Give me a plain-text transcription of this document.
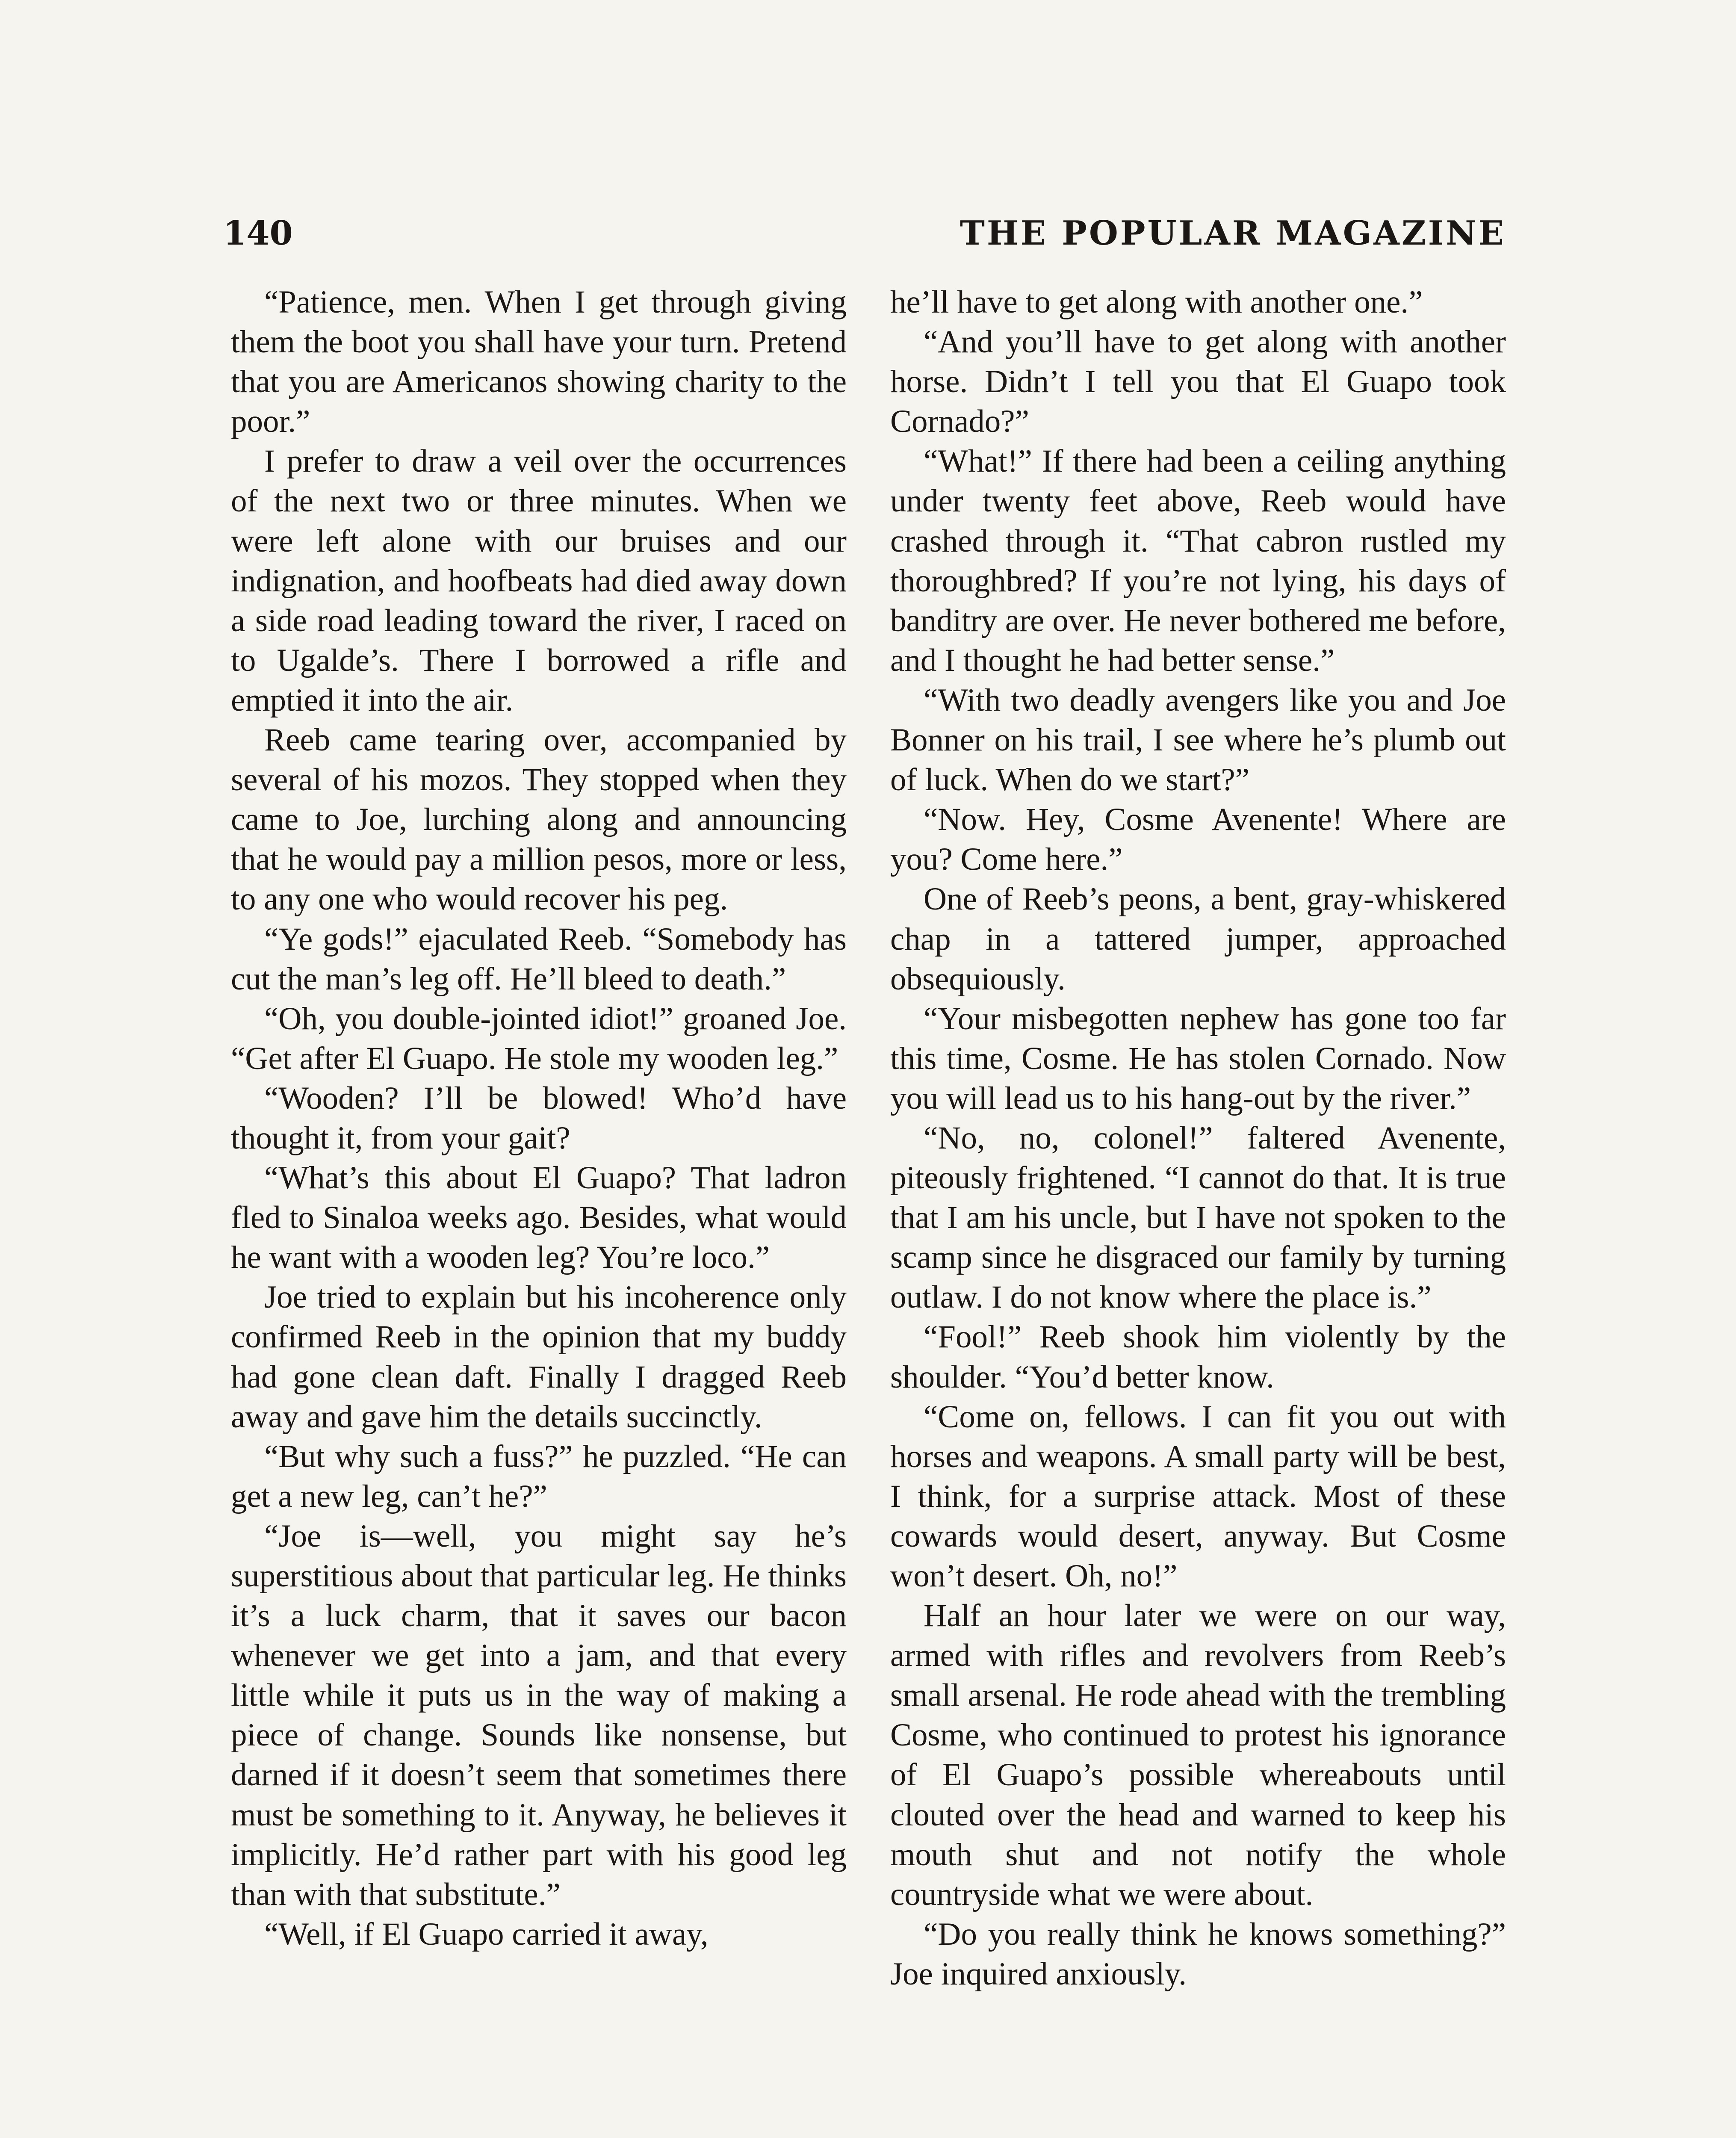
140	THE POPULAR MAGAZINE

“Patience, men. When I get through giving them the boot you shall have your turn. Pretend that you are Americanos showing charity to the poor.”

I prefer to draw a veil over the occurrences of the next two or three minutes. When we were left alone with our bruises and our indignation, and hoofbeats had died away down a side road leading toward the river, I raced on to Ugalde’s. There I borrowed a rifle and emptied it into the air.

Reeb came tearing over, accompanied by several of his mozos. They stopped when they came to Joe, lurching along and announcing that he would pay a million pesos, more or less, to any one who would recover his peg.

“Ye gods!” ejaculated Reeb. “Somebody has cut the man’s leg off. He’ll bleed to death.”

“Oh, you double-jointed idiot!” groaned Joe. “Get after El Guapo. He stole my wooden leg.”

“Wooden? I’ll be blowed! Who’d have thought it, from your gait?

“What’s this about El Guapo? That ladron fled to Sinaloa weeks ago. Besides, what would he want with a wooden leg? You’re loco.”

Joe tried to explain but his incoherence only confirmed Reeb in the opinion that my buddy had gone clean daft. Finally I dragged Reeb away and gave him the details succinctly.

“But why such a fuss?” he puzzled. “He can get a new leg, can’t he?”

“Joe is—well, you might say he’s superstitious about that particular leg. He thinks it’s a luck charm, that it saves our bacon whenever we get into a jam, and that every little while it puts us in the way of making a piece of change. Sounds like nonsense, but darned if it doesn’t seem that sometimes there must be something to it. Anyway, he believes it implicitly. He’d rather part with his good leg than with that substitute.”

“Well, if El Guapo carried it away,

he’ll have to get along with another one.”

“And you’ll have to get along with another horse. Didn’t I tell you that El Guapo took Cornado?”

“What!” If there had been a ceiling anything under twenty feet above, Reeb would have crashed through it. “That cabron rustled my thoroughbred? If you’re not lying, his days of banditry are over. He never bothered me before, and I thought he had better sense.”

“With two deadly avengers like you and Joe Bonner on his trail, I see where he’s plumb out of luck. When do we start?”

“Now. Hey, Cosme Avenente! Where are you? Come here.”

One of Reeb’s peons, a bent, gray-whiskered chap in a tattered jumper, approached obsequiously.

“Your misbegotten nephew has gone too far this time, Cosme. He has stolen Cornado. Now you will lead us to his hang-out by the river.”

“No, no, colonel!” faltered Avenente, piteously frightened. “I cannot do that. It is true that I am his uncle, but I have not spoken to the scamp since he disgraced our family by turning outlaw. I do not know where the place is.”

“Fool!” Reeb shook him violently by the shoulder. “You’d better know.

“Come on, fellows. I can fit you out with horses and weapons. A small party will be best, I think, for a surprise attack. Most of these cowards would desert, anyway. But Cosme won’t desert. Oh, no!”

Half an hour later we were on our way, armed with rifles and revolvers from Reeb’s small arsenal. He rode ahead with the trembling Cosme, who continued to protest his ignorance of El Guapo’s possible whereabouts until clouted over the head and warned to keep his mouth shut and not notify the whole countryside what we were about.

“Do you really think he knows something?” Joe inquired anxiously.
